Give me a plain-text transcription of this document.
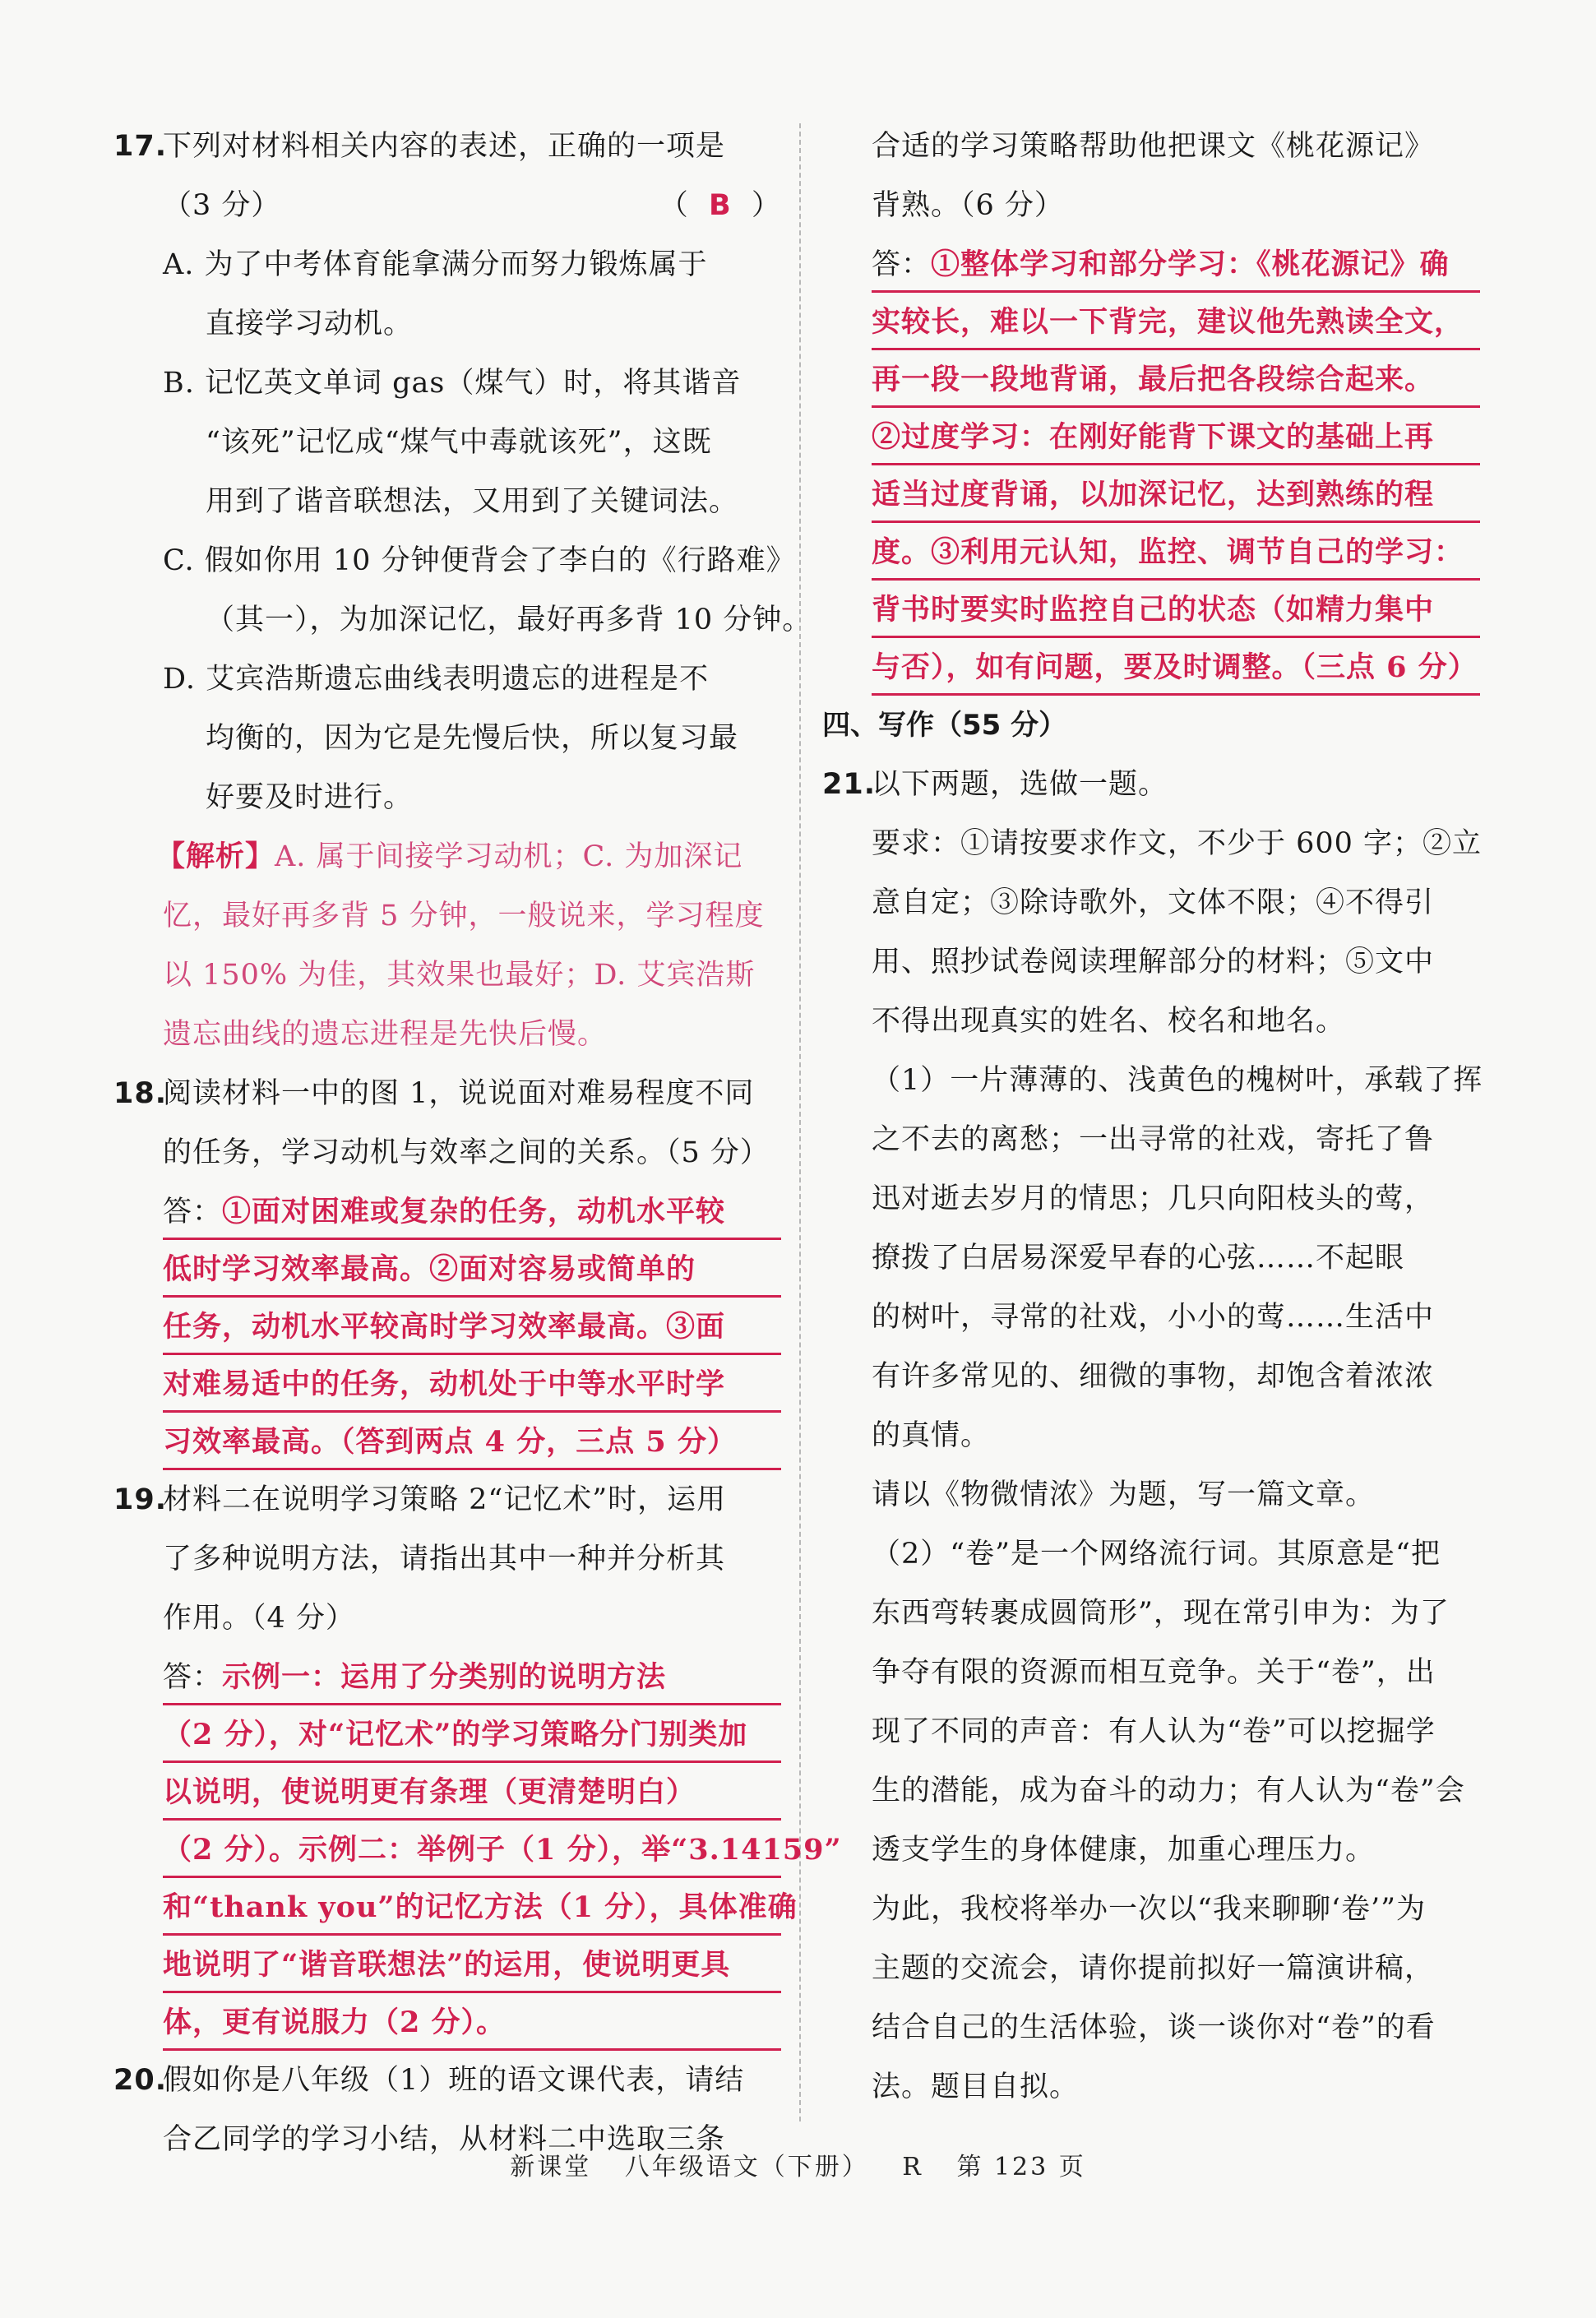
17.下列对材料相关内容的表述，正确的一项是

（3 分）	（  B  ）

A. 为了中考体育能拿满分而努力锻炼属于

直接学习动机。

B. 记忆英文单词 gas（煤气）时，将其谐音

“该死”记忆成“煤气中毒就该死”，这既

用到了谐音联想法，又用到了关键词法。

C. 假如你用 10 分钟便背会了李白的《行路难》

（其一），为加深记忆，最好再多背 10 分钟。

D. 艾宾浩斯遗忘曲线表明遗忘的进程是不

均衡的，因为它是先慢后快，所以复习最

好要及时进行。

【解析】A. 属于间接学习动机；C. 为加深记

忆，最好再多背 5 分钟，一般说来，学习程度

以 150% 为佳，其效果也最好；D. 艾宾浩斯

遗忘曲线的遗忘进程是先快后慢。

18.阅读材料一中的图 1，说说面对难易程度不同

的任务，学习动机与效率之间的关系。（5 分）

答：①面对困难或复杂的任务，动机水平较

低时学习效率最高。②面对容易或简单的

任务，动机水平较高时学习效率最高。③面

对难易适中的任务，动机处于中等水平时学

习效率最高。（答到两点 4 分，三点 5 分）

19.材料二在说明学习策略 2“记忆术”时，运用

了多种说明方法，请指出其中一种并分析其

作用。（4 分）

答：示例一：运用了分类别的说明方法

（2 分），对“记忆术”的学习策略分门别类加

以说明，使说明更有条理（更清楚明白）

（2 分）。示例二：举例子（1 分），举“3.14159”

和“thank you”的记忆方法（1 分），具体准确

地说明了“谐音联想法”的运用，使说明更具

体，更有说服力（2 分）。

20.假如你是八年级（1）班的语文课代表，请结

合乙同学的学习小结，从材料二中选取三条

合适的学习策略帮助他把课文《桃花源记》

背熟。（6 分）

答：①整体学习和部分学习：《桃花源记》确

实较长，难以一下背完，建议他先熟读全文，

再一段一段地背诵，最后把各段综合起来。

②过度学习：在刚好能背下课文的基础上再

适当过度背诵，以加深记忆，达到熟练的程

度。③利用元认知，监控、调节自己的学习：

背书时要实时监控自己的状态（如精力集中

与否），如有问题，要及时调整。（三点 6 分）

四、写作（55 分）

21.以下两题，选做一题。

要求：①请按要求作文，不少于 600 字；②立

意自定；③除诗歌外，文体不限；④不得引

用、照抄试卷阅读理解部分的材料；⑤文中

不得出现真实的姓名、校名和地名。

（1）一片薄薄的、浅黄色的槐树叶，承载了挥

之不去的离愁；一出寻常的社戏，寄托了鲁

迅对逝去岁月的情思；几只向阳枝头的莺，

撩拨了白居易深爱早春的心弦……不起眼

的树叶，寻常的社戏，小小的莺……生活中

有许多常见的、细微的事物，却饱含着浓浓

的真情。

请以《物微情浓》为题，写一篇文章。

（2）“卷”是一个网络流行词。其原意是“把

东西弯转裹成圆筒形”，现在常引申为：为了

争夺有限的资源而相互竞争。关于“卷”，出

现了不同的声音：有人认为“卷”可以挖掘学

生的潜能，成为奋斗的动力；有人认为“卷”会

透支学生的身体健康，加重心理压力。

为此，我校将举办一次以“我来聊聊‘卷’”为

主题的交流会，请你提前拟好一篇演讲稿，

结合自己的生活体验，谈一谈你对“卷”的看

法。题目自拟。

新课堂 八年级语文（下册） R 第 123 页
